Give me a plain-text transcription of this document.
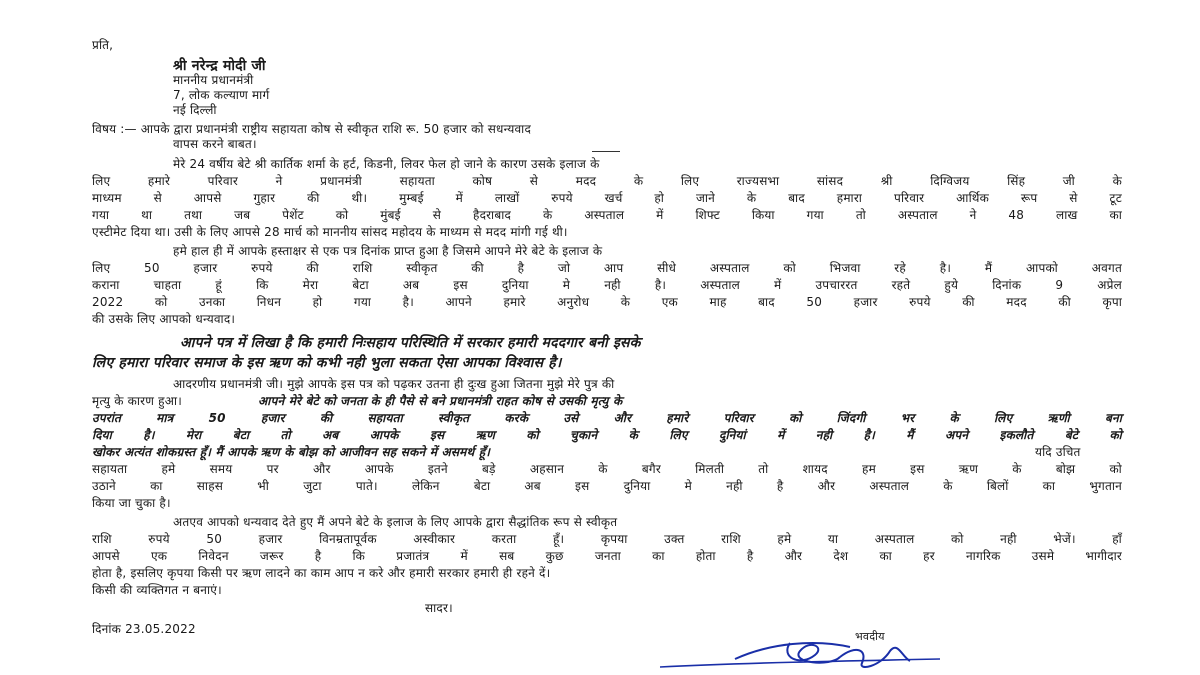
प्रति,
श्री नरेन्द्र मोदी जी
माननीय प्रधानमंत्री
7, लोक कल्याण मार्ग
नई दिल्ली
विषय :— आपके द्वारा प्रधानमंत्री राष्ट्रीय सहायता कोष से स्वीकृत राशि रू. 50 हजार को सधन्यवाद
वापस करने बाबत।
मेरे 24 वर्षीय बेटे श्री कार्तिक शर्मा के हर्ट, किडनी, लिवर फेल हो जाने के कारण उसके इलाज के
लिए हमारे परिवार ने प्रधानमंत्री सहायता कोष से मदद के लिए राज्यसभा सांसद श्री दिग्विजय सिंह जी के
माध्यम से आपसे गुहार की थी। मुम्बई में लाखों रुपये खर्च हो जाने के बाद हमारा परिवार आर्थिक रूप से टूट
गया था तथा जब पेशेंट को मुंबई से हैदराबाद के अस्पताल में शिफ्ट किया गया तो अस्पताल ने 48 लाख का
एस्टीमेट दिया था। उसी के लिए आपसे 28 मार्च को माननीय सांसद महोदय के माध्यम से मदद मांगी गई थी।
हमे हाल ही में आपके हस्ताक्षर से एक पत्र दिनांक प्राप्त हुआ है जिसमे आपने मेरे बेटे के इलाज के
लिए 50 हजार रुपये की राशि स्वीकृत की है जो आप सीधे अस्पताल को भिजवा रहे है। मैं आपको अवगत
कराना चाहता हूं कि मेरा बेटा अब इस दुनिया मे नही है। अस्पताल में उपचाररत रहते हुये दिनांक 9 अप्रेल
2022 को उनका निधन हो गया है। आपने हमारे अनुरोध के एक माह बाद 50 हजार रुपये की मदद की कृपा
की उसके लिए आपको धन्यवाद।
आपने पत्र में लिखा है कि हमारी निःसहाय परिस्थिति में सरकार हमारी मददगार बनी इसके
लिए हमारा परिवार समाज के इस ऋण को कभी नही भुला सकता ऐसा आपका विश्वास है।
आदरणीय प्रधानमंत्री जी। मुझे आपके इस पत्र को पढ़कर उतना ही दुःख हुआ जितना मुझे मेरे पुत्र की
मृत्यु के कारण हुआ।	आपने मेरे बेटे को जनता के ही पैसे से बने प्रधानमंत्री राहत कोष से उसकी मृत्यु के
उपरांत मात्र 50 हजार की सहायता स्वीकृत करके उसे और हमारे परिवार को जिंदगी भर के लिए ऋणी बना
दिया है। मेरा बेटा तो अब आपके इस ऋण को चुकाने के लिए दुनियां में नही है। मैं अपने इकलौते बेटे को
खोकर अत्यंत शोकग्रस्त हूँ। मैं आपके ऋण के बोझ को आजीवन सह सकने में असमर्थ हूँ।	यदि उचित
सहायता हमे समय पर और आपके इतने बड़े अहसान के बगैर मिलती तो शायद हम इस ऋण के बोझ को
उठाने का साहस भी जुटा पाते। लेकिन बेटा अब इस दुनिया मे नही है और अस्पताल के बिलों का भुगतान
किया जा चुका है।
अतएव आपको धन्यवाद देते हुए मैं अपने बेटे के इलाज के लिए आपके द्वारा सैद्धांतिक रूप से स्वीकृत
राशि रुपये 50 हजार विनम्रतापूर्वक अस्वीकार करता हूँ। कृपया उक्त राशि हमे या अस्पताल को नही भेजें। हाँ
आपसे एक निवेदन जरूर है कि प्रजातंत्र में सब कुछ जनता का होता है और देश का हर नागरिक उसमे भागीदार
होता है, इसलिए कृपया किसी पर ऋण लादने का काम आप न करे और हमारी सरकार हमारी ही रहने दें।
किसी की व्यक्तिगत न बनाएं।
सादर।
दिनांक 23.05.2022
भवदीय
